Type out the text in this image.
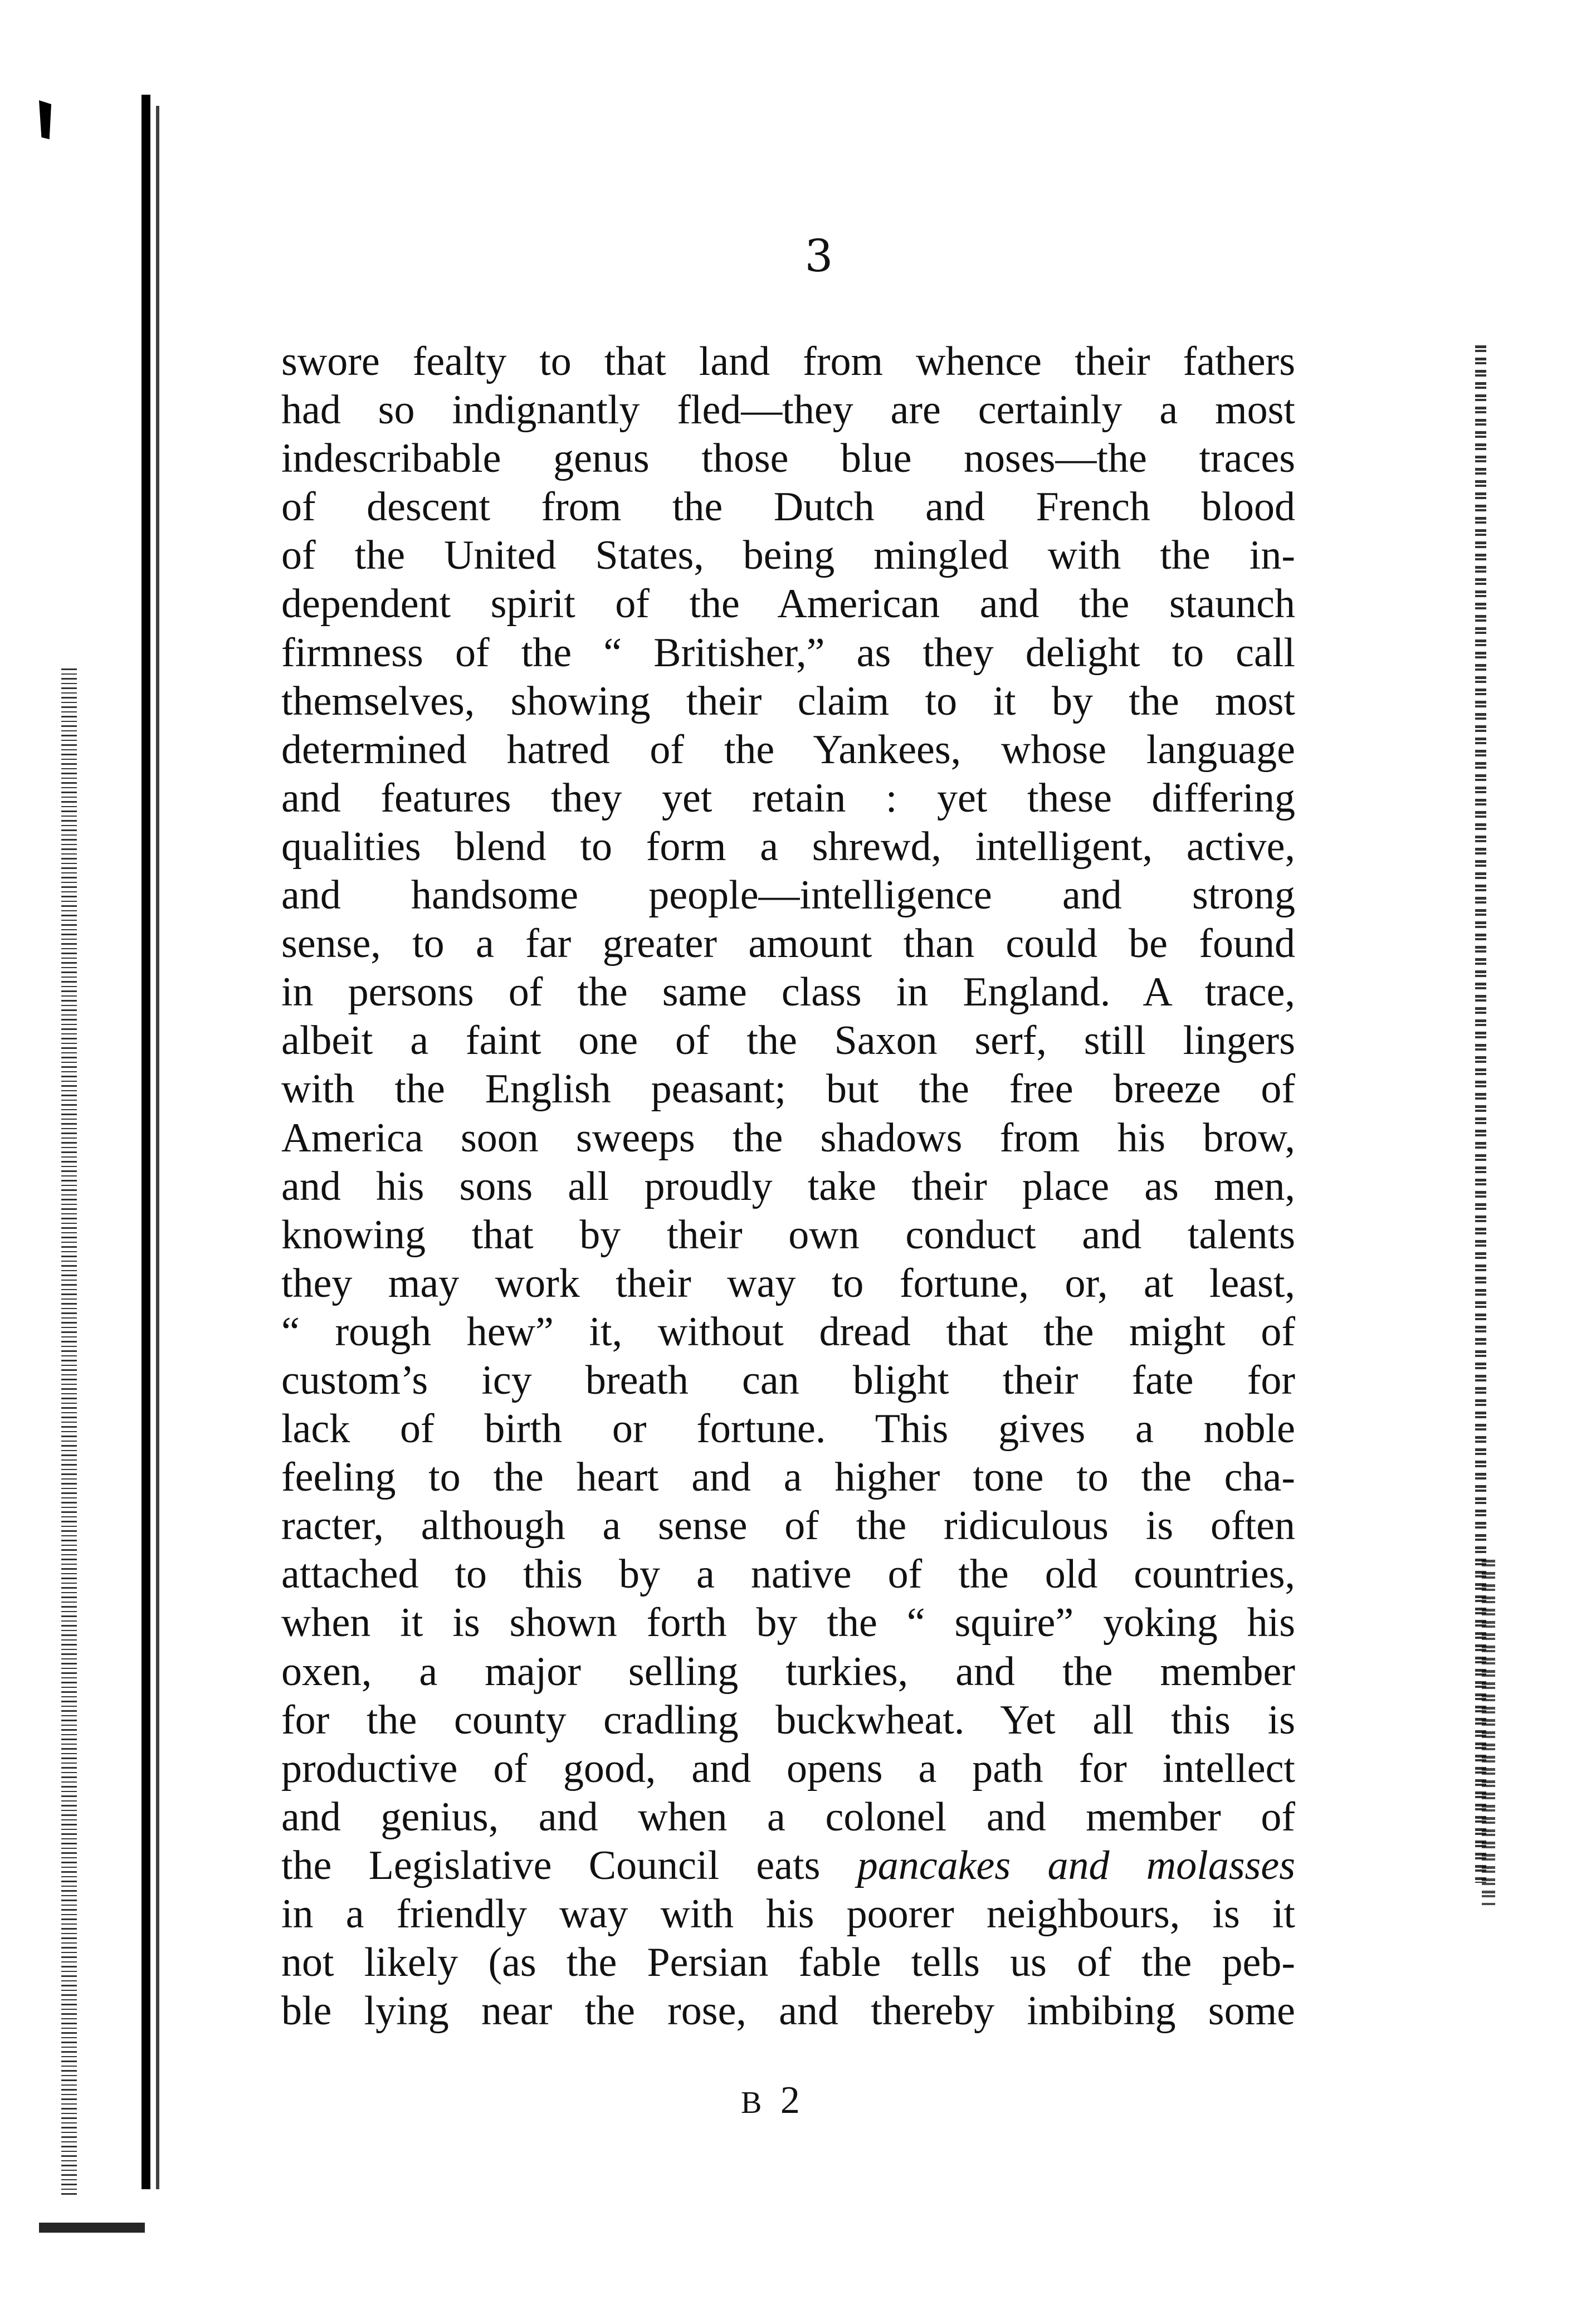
3
swore fealty to that land from whence their fathers
had so indignantly fled—they are certainly a most
indescribable genus those blue noses—the traces
of descent from the Dutch and French blood
of the United States, being mingled with the in-
dependent spirit of the American and the staunch
firmness of the “ Britisher,” as they delight to call
themselves, showing their claim to it by the most
determined hatred of the Yankees, whose language
and features they yet retain : yet these differing
qualities blend to form a shrewd, intelligent, active,
and handsome people—intelligence and strong
sense, to a far greater amount than could be found
in persons of the same class in England. A trace,
albeit a faint one of the Saxon serf, still lingers
with the English peasant; but the free breeze of
America soon sweeps the shadows from his brow,
and his sons all proudly take their place as men,
knowing that by their own conduct and talents
they may work their way to fortune, or, at least,
“ rough hew” it, without dread that the might of
custom’s icy breath can blight their fate for
lack of birth or fortune. This gives a noble
feeling to the heart and a higher tone to the cha-
racter, although a sense of the ridiculous is often
attached to this by a native of the old countries,
when it is shown forth by the “ squire” yoking his
oxen, a major selling turkies, and the member
for the county cradling buckwheat. Yet all this is
productive of good, and opens a path for intellect
and genius, and when a colonel and member of
the Legislative Council eats pancakes and molasses
in a friendly way with his poorer neighbours, is it
not likely (as the Persian fable tells us of the peb-
ble lying near the rose, and thereby imbibing some
B 2
